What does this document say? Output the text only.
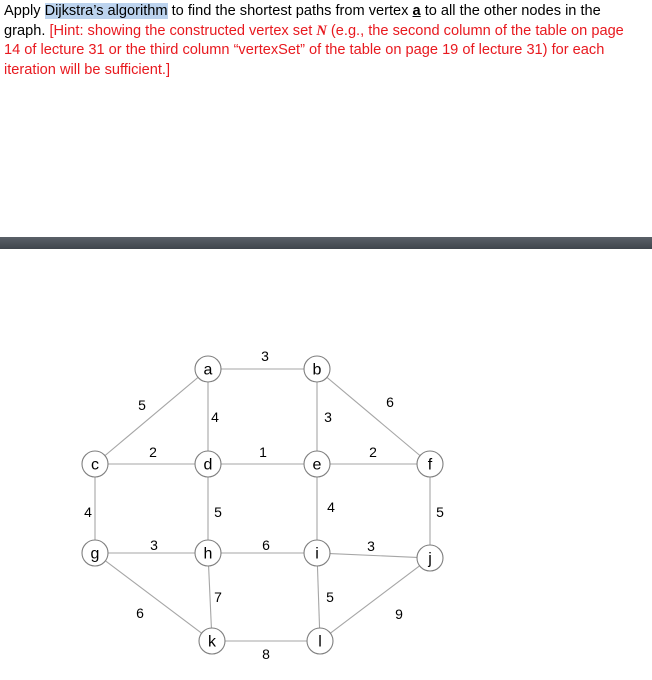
Apply Dijkstra’s algorithm to find the shortest paths from vertex a to all the other nodes in the graph. [Hint: showing the constructed vertex set N (e.g., the second column of the table on page 14 of lecture 31 or the third column “vertexSet” of the table on page 19 of lecture 31) for each iteration will be sufficient.]

3
5
4	3
6
2	1	2
4	5	4	5
3	6	3
6
7	5
8
9
a	b
c	d	e	f
g	h	i	j
k	l
